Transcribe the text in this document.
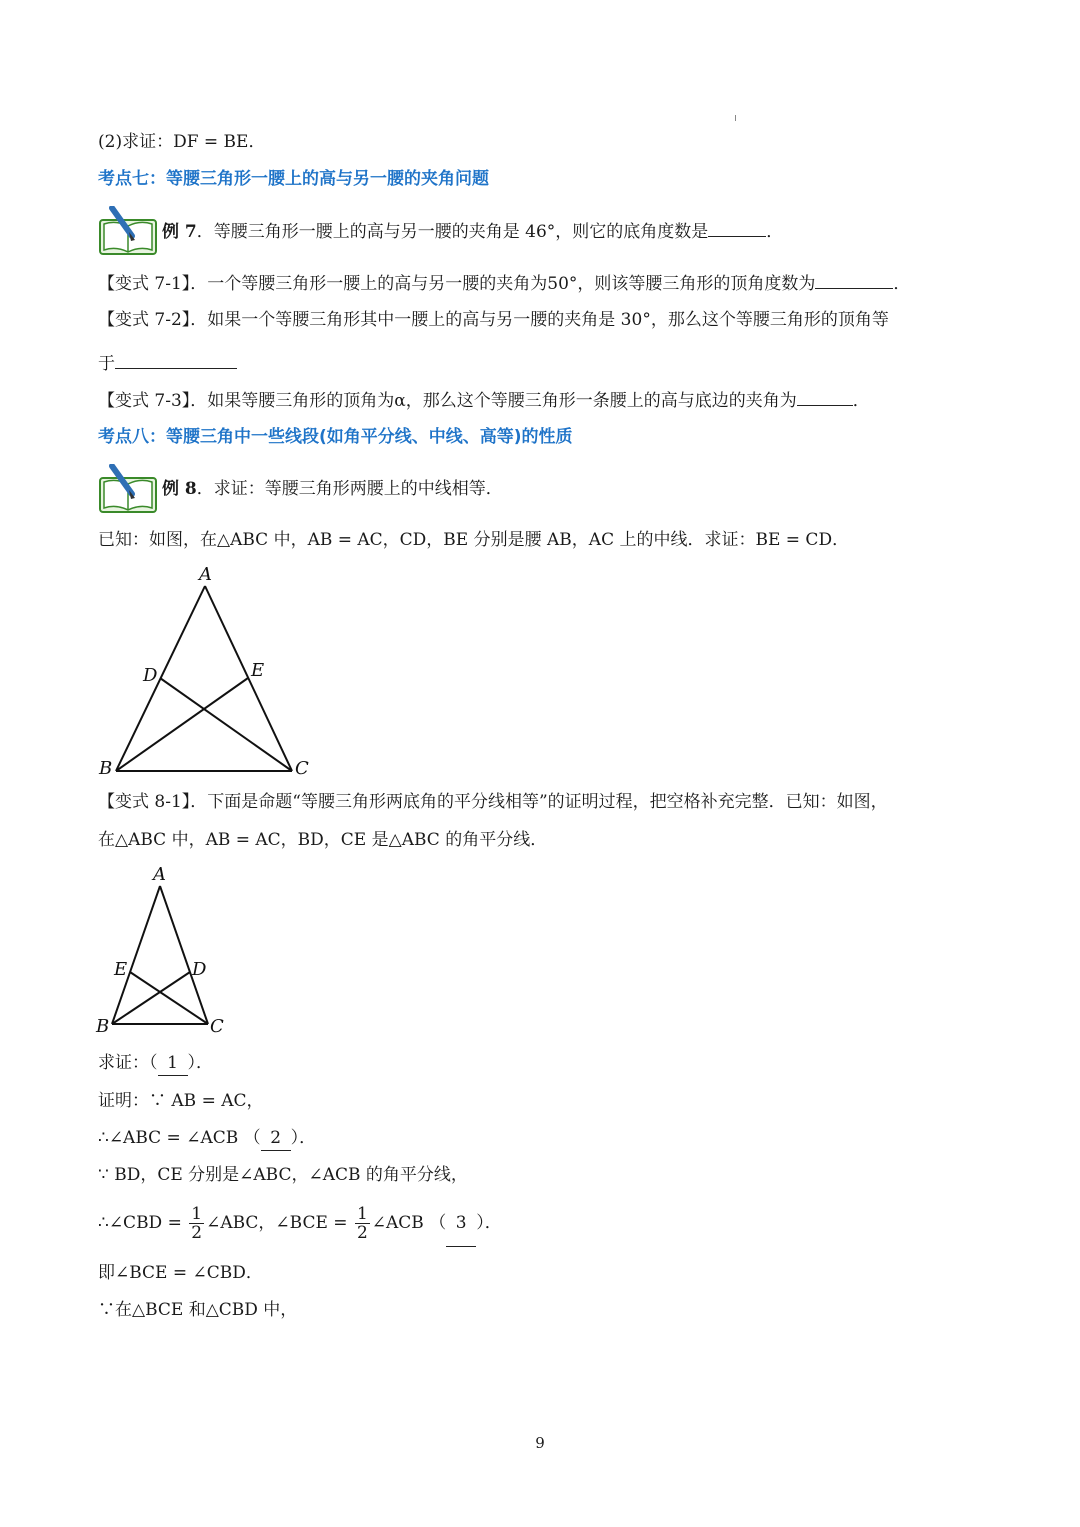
(2)求证：DF = BE．
考点七：等腰三角形一腰上的高与另一腰的夹角问题
例 7．等腰三角形一腰上的高与另一腰的夹角是 46°，则它的底角度数是	．
【变式 7-1】．一个等腰三角形一腰上的高与另一腰的夹角为50°，则该等腰三角形的顶角度数为	．
【变式 7-2】．如果一个等腰三角形其中一腰上的高与另一腰的夹角是 30°，那么这个等腰三角形的顶角等
于
【变式 7-3】．如果等腰三角形的顶角为α，那么这个等腰三角形一条腰上的高与底边的夹角为	．
考点八：等腰三角中一些线段(如角平分线、中线、高等)的性质
例 8．求证：等腰三角形两腰上的中线相等．
已知：如图，在△ABC 中，AB = AC，CD，BE 分别是腰 AB，AC 上的中线．求证：BE = CD．
A
B	C
D	E
【变式 8-1】．下面是命题“等腰三角形两底角的平分线相等”的证明过程，把空格补充完整．已知：如图，
在△ABC 中，AB = AC，BD，CE 是△ABC 的角平分线．
A
B	C
D
E
求证：（ 1 ）．
证明：∵ AB = AC，
∴∠ABC = ∠ACB （ 2 ）．
∵ BD，CE 分别是∠ABC，∠ACB 的角平分线，
∴∠CBD = $\frac{1}{2}$ ∠ABC，∠BCE = $\frac{1}{2}$ ∠ACB （ 3 ）．
即∠BCE = ∠CBD．
∵在△BCE 和△CBD 中，
9
